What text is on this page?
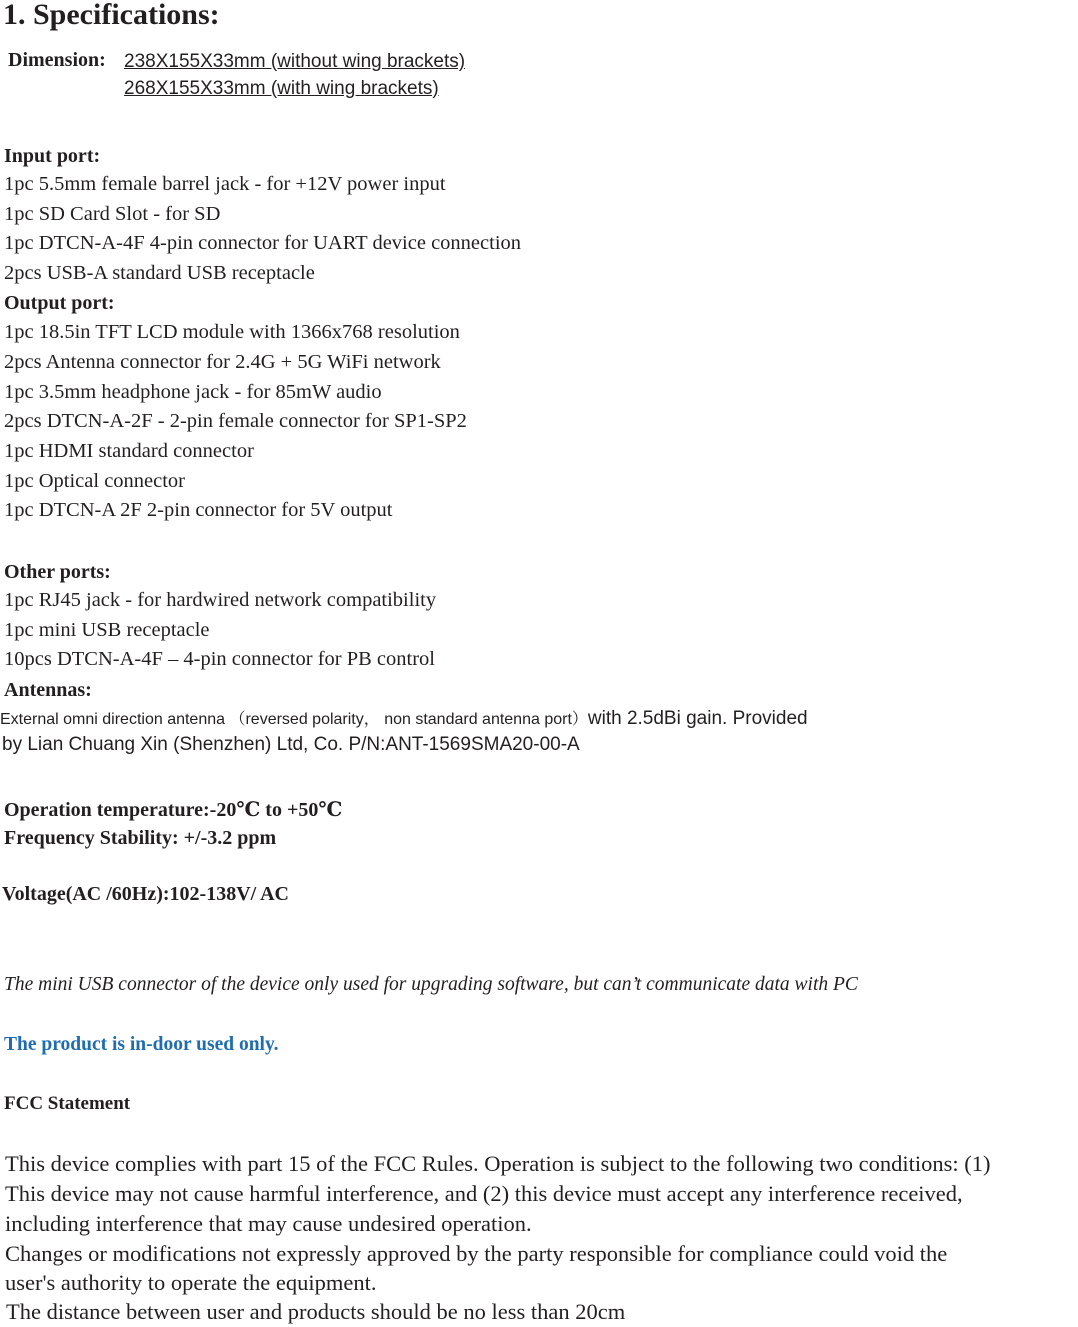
1. Specifications:
Dimension: 238X155X33mm (without wing brackets)
268X155X33mm (with wing brackets)
Input port:
1pc 5.5mm female barrel jack - for +12V power input
1pc SD Card Slot - for SD
1pc DTCN-A-4F 4-pin connector for UART device connection
2pcs USB-A standard USB receptacle
Output port:
1pc 18.5in TFT LCD module with 1366x768 resolution
2pcs Antenna connector for 2.4G + 5G WiFi network
1pc 3.5mm headphone jack - for 85mW audio
2pcs DTCN-A-2F - 2-pin female connector for SP1-SP2
1pc HDMI standard connector
1pc Optical connector
1pc DTCN-A 2F 2-pin connector for 5V output
Other ports:
1pc RJ45 jack - for hardwired network compatibility
1pc mini USB receptacle
10pcs DTCN-A-4F – 4-pin connector for PB control
Antennas:
External omni direction antenna （reversed polarity， non standard antenna port）with 2.5dBi gain. Provided
by Lian Chuang Xin (Shenzhen) Ltd, Co. P/N:ANT-1569SMA20-00-A
Operation temperature:-20℃ to +50℃
Frequency Stability: +/-3.2 ppm
Voltage(AC /60Hz):102-138V/ AC
The mini USB connector of the device only used for upgrading software, but can’t communicate data with PC
The product is in-door used only.
FCC Statement
This device complies with part 15 of the FCC Rules. Operation is subject to the following two conditions: (1)
This device may not cause harmful interference, and (2) this device must accept any interference received,
including interference that may cause undesired operation.
Changes or modifications not expressly approved by the party responsible for compliance could void the
user's authority to operate the equipment.
The distance between user and products should be no less than 20cm
